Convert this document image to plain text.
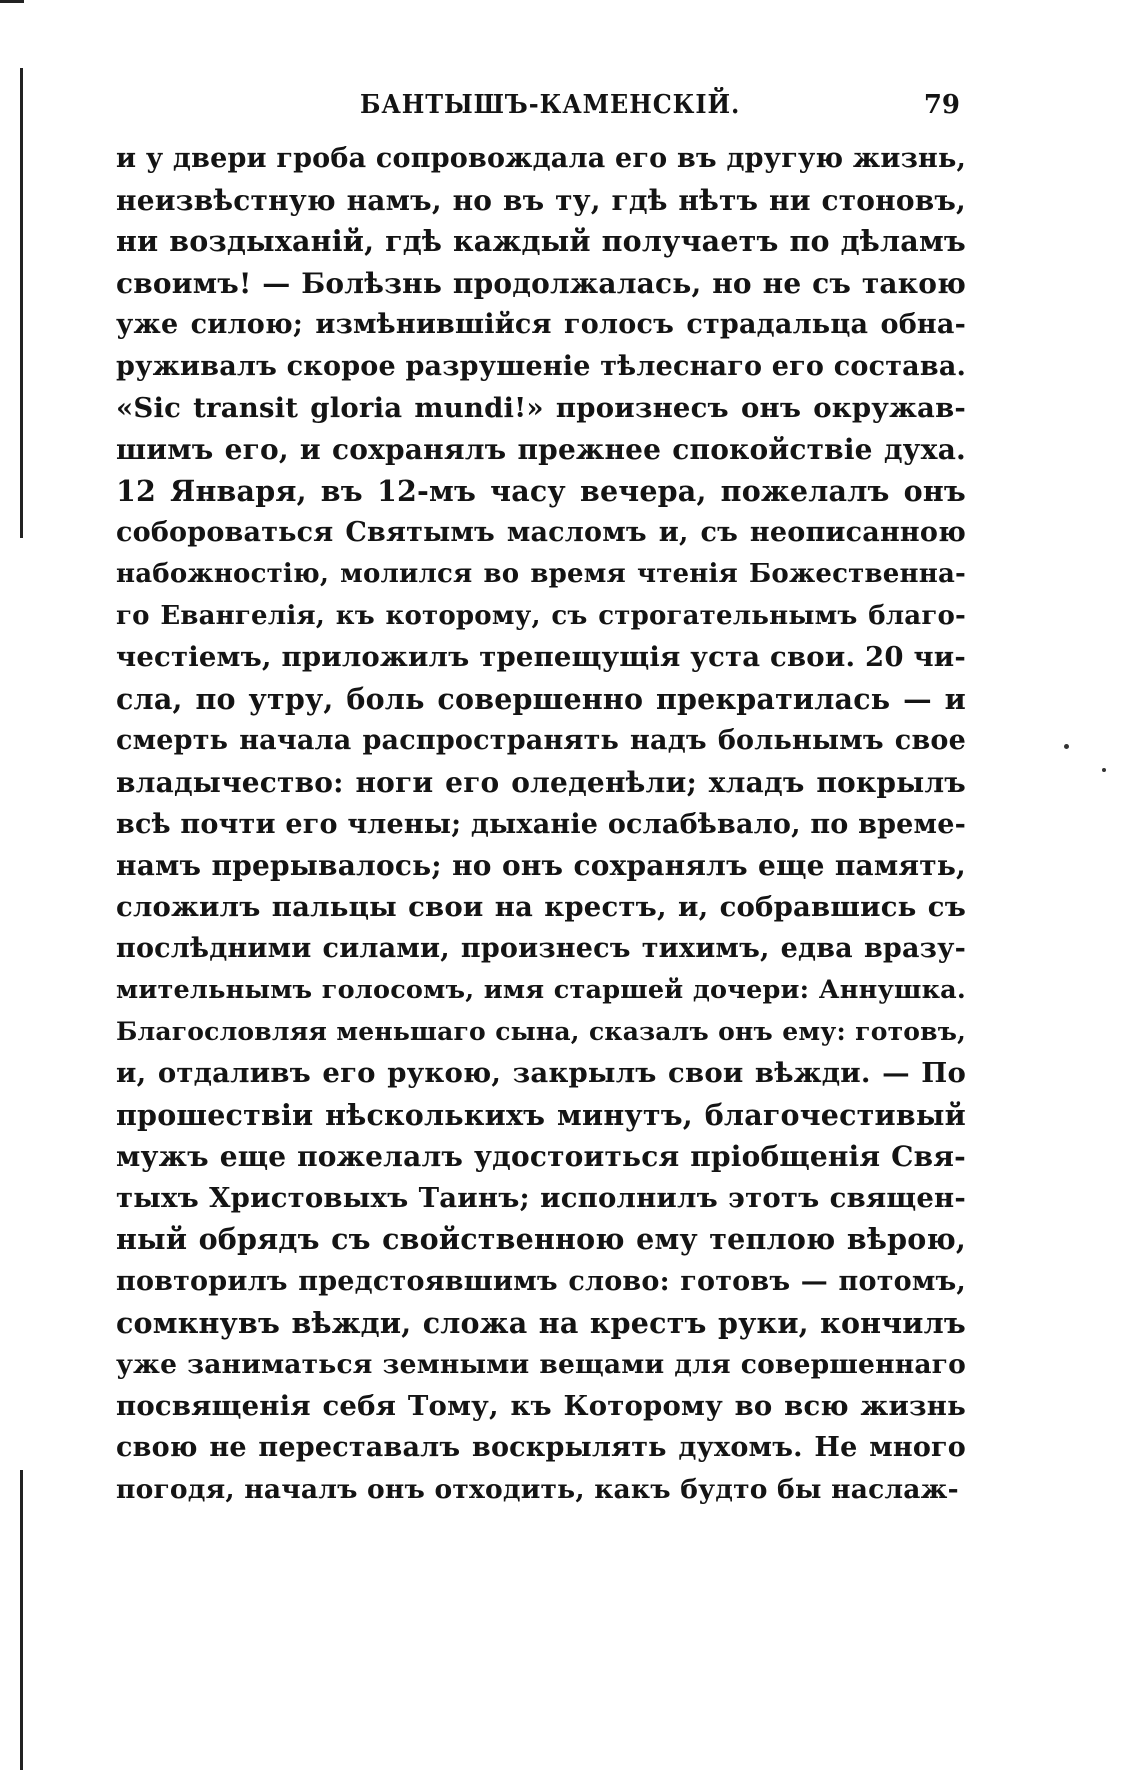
БАНТЫШЪ-КАМЕНСКІЙ.	79
и у двери гроба сопровождала его въ другую жизнь,
неизвѣстную намъ, но въ ту, гдѣ нѣтъ ни стоновъ,
ни воздыханій, гдѣ каждый получаетъ по дѣламъ
своимъ! — Болѣзнь продолжалась, но не съ такою
уже силою; измѣнившійся голосъ страдальца обна-
руживалъ скорое разрушеніе тѣлеснаго его состава.
«Sic transit gloria mundi!» произнесъ онъ окружав-
шимъ его, и сохранялъ прежнее спокойствіе духа.
12 Января, въ 12-мъ часу вечера, пожелалъ онъ
собороваться Святымъ масломъ и, съ неописанною
набожностію, молился во время чтенія Божественна-
го Евангелія, къ которому, съ строгательнымъ благо-
честіемъ, приложилъ трепещущія уста свои. 20 чи-
сла, по утру, боль совершенно прекратилась — и
смерть начала распространять надъ больнымъ свое
владычество: ноги его оледенѣли; хладъ покрылъ
всѣ почти его члены; дыханіе ослабѣвало, по време-
намъ прерывалось; но онъ сохранялъ еще память,
сложилъ пальцы свои на крестъ, и, собравшись съ
послѣдними силами, произнесъ тихимъ, едва вразу-
мительнымъ голосомъ, имя старшей дочери: Аннушка.
Благословляя меньшаго сына, сказалъ онъ ему: готовъ,
и, отдаливъ его рукою, закрылъ свои вѣжди. — По
прошествіи нѣсколькихъ минутъ, благочестивый
мужъ еще пожелалъ удостоиться пріобщенія Свя-
тыхъ Христовыхъ Таинъ; исполнилъ этотъ священ-
ный обрядъ съ свойственною ему теплою вѣрою,
повторилъ предстоявшимъ слово: готовъ — потомъ,
сомкнувъ вѣжди, сложа на крестъ руки, кончилъ
уже заниматься земными вещами для совершеннаго
посвященія себя Тому, къ Которому во всю жизнь
свою не переставалъ воскрылять духомъ. Не много
погодя, началъ онъ отходить, какъ будто бы наслаж-
